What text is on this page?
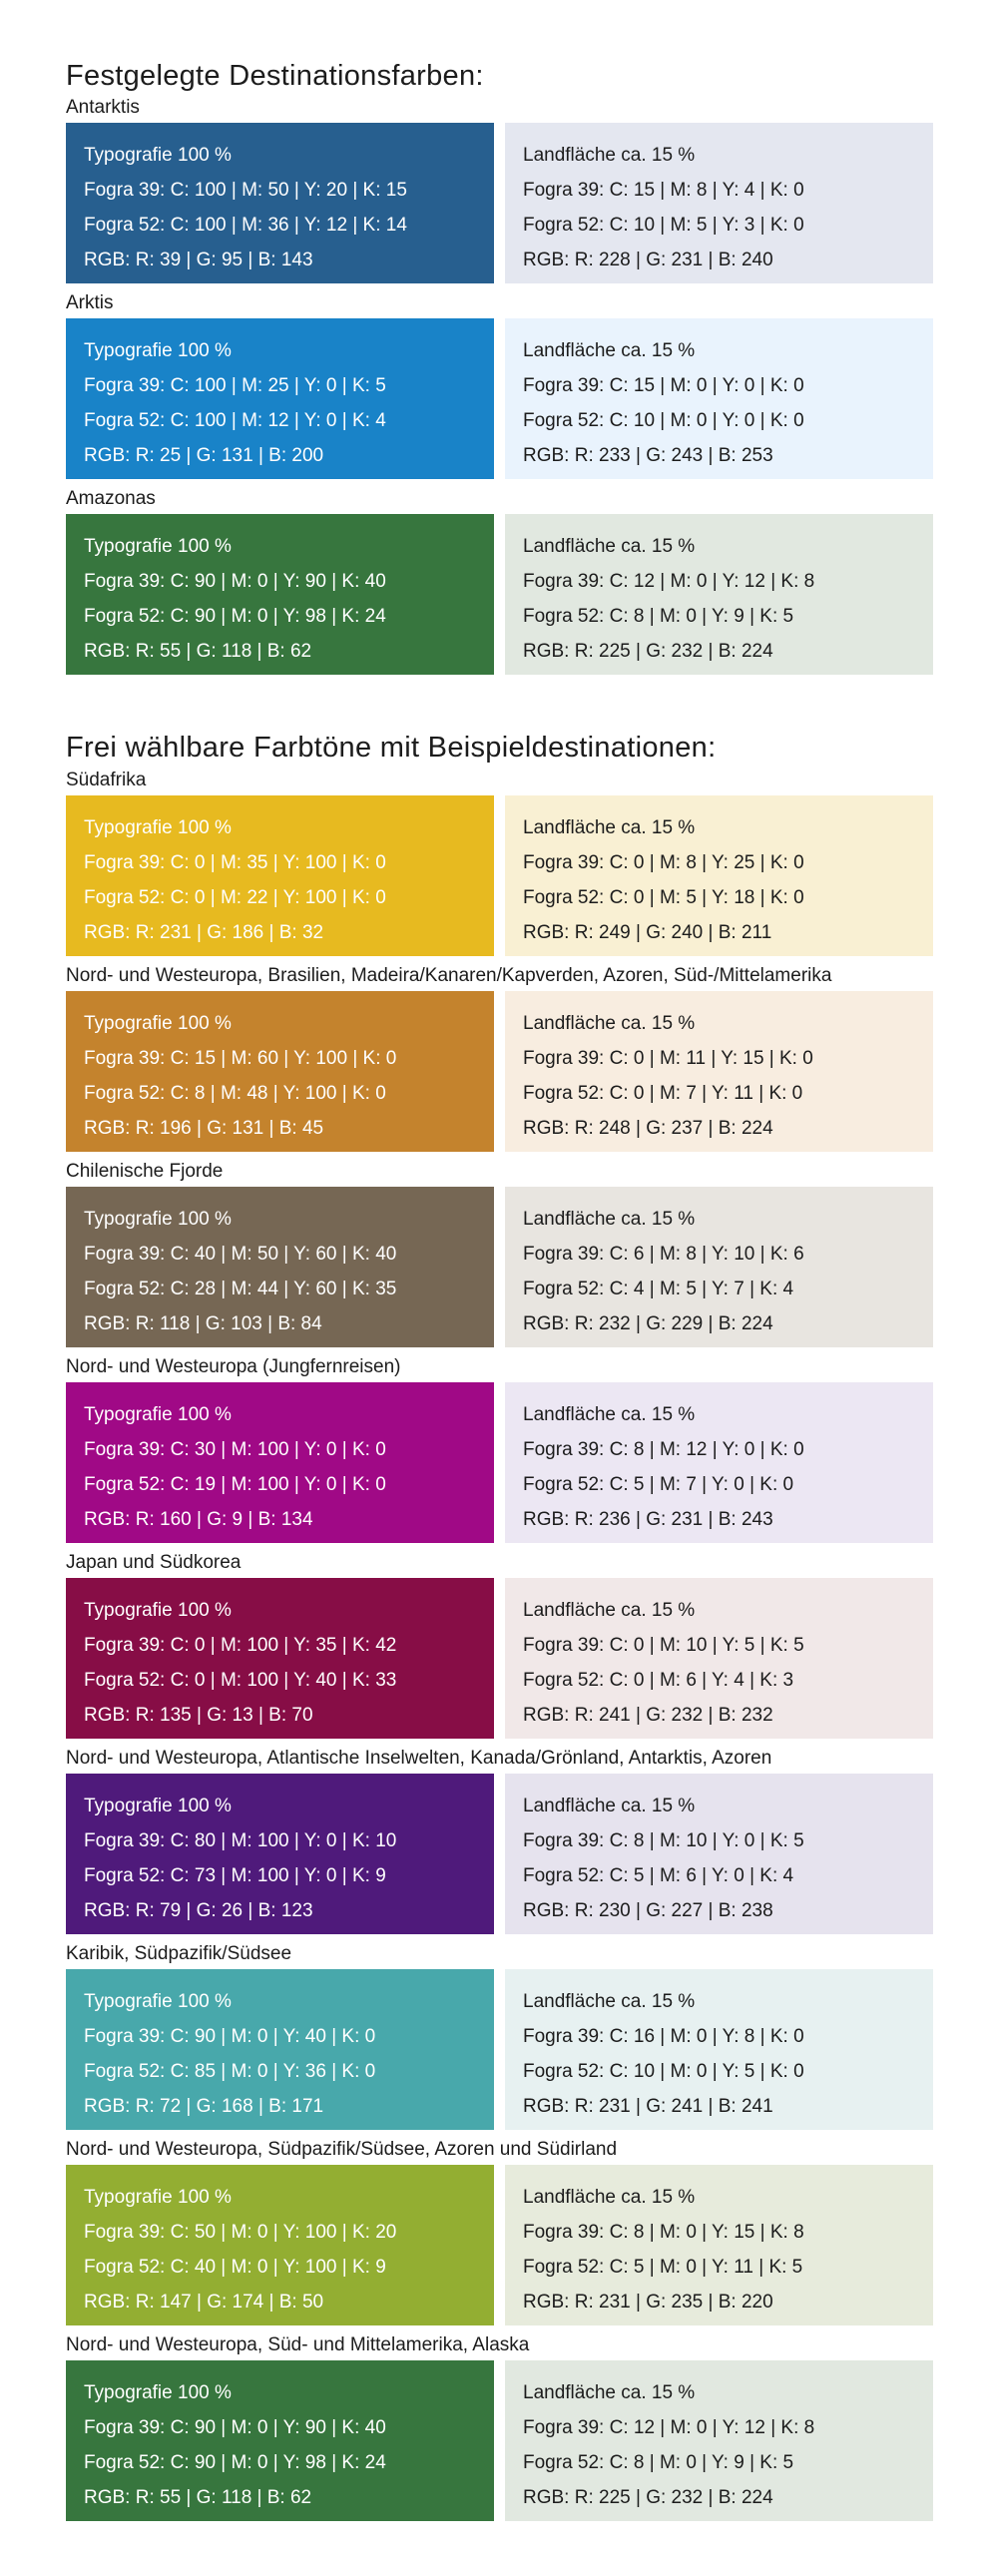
Festgelegte Destinationsfarben:

Antarktis

Typografie 100 %
Fogra 39: C: 100 | M: 50 | Y: 20 | K: 15
Fogra 52: C: 100 | M: 36 | Y: 12 | K: 14
RGB: R: 39 | G: 95 | B: 143
Landfläche ca. 15 %
Fogra 39: C: 15 | M: 8 | Y: 4 | K: 0
Fogra 52: C: 10 | M: 5 | Y: 3 | K: 0
RGB: R: 228 | G: 231 | B: 240

Arktis

Typografie 100 %
Fogra 39: C: 100 | M: 25 | Y: 0 | K: 5
Fogra 52: C: 100 | M: 12 | Y: 0 | K: 4
RGB: R: 25 | G: 131 | B: 200
Landfläche ca. 15 %
Fogra 39: C: 15 | M: 0 | Y: 0 | K: 0
Fogra 52: C: 10 | M: 0 | Y: 0 | K: 0
RGB: R: 233 | G: 243 | B: 253

Amazonas

Typografie 100 %
Fogra 39: C: 90 | M: 0 | Y: 90 | K: 40
Fogra 52: C: 90 | M: 0 | Y: 98 | K: 24
RGB: R: 55 | G: 118 | B: 62
Landfläche ca. 15 %
Fogra 39: C: 12 | M: 0 | Y: 12 | K: 8
Fogra 52: C: 8 | M: 0 | Y: 9 | K: 5
RGB: R: 225 | G: 232 | B: 224
Frei wählbare Farbtöne mit Beispieldestinationen:

Südafrika

Typografie 100 %
Fogra 39: C: 0 | M: 35 | Y: 100 | K: 0
Fogra 52: C: 0 | M: 22 | Y: 100 | K: 0
RGB: R: 231 | G: 186 | B: 32
Landfläche ca. 15 %
Fogra 39: C: 0 | M: 8 | Y: 25 | K: 0
Fogra 52: C: 0 | M: 5 | Y: 18 | K: 0
RGB: R: 249 | G: 240 | B: 211

Nord- und Westeuropa, Brasilien, Madeira/Kanaren/Kapverden, Azoren, Süd-/Mittelamerika

Typografie 100 %
Fogra 39: C: 15 | M: 60 | Y: 100 | K: 0
Fogra 52: C: 8 | M: 48 | Y: 100 | K: 0
RGB: R: 196 | G: 131 | B: 45
Landfläche ca. 15 %
Fogra 39: C: 0 | M: 11 | Y: 15 | K: 0
Fogra 52: C: 0 | M: 7 | Y: 11 | K: 0
RGB: R: 248 | G: 237 | B: 224

Chilenische Fjorde

Typografie 100 %
Fogra 39: C: 40 | M: 50 | Y: 60 | K: 40
Fogra 52: C: 28 | M: 44 | Y: 60 | K: 35
RGB: R: 118 | G: 103 | B: 84
Landfläche ca. 15 %
Fogra 39: C: 6 | M: 8 | Y: 10 | K: 6
Fogra 52: C: 4 | M: 5 | Y: 7 | K: 4
RGB: R: 232 | G: 229 | B: 224

Nord- und Westeuropa (Jungfernreisen)

Typografie 100 %
Fogra 39: C: 30 | M: 100 | Y: 0 | K: 0
Fogra 52: C: 19 | M: 100 | Y: 0 | K: 0
RGB: R: 160 | G: 9 | B: 134
Landfläche ca. 15 %
Fogra 39: C: 8 | M: 12 | Y: 0 | K: 0
Fogra 52: C: 5 | M: 7 | Y: 0 | K: 0
RGB: R: 236 | G: 231 | B: 243

Japan und Südkorea

Typografie 100 %
Fogra 39: C: 0 | M: 100 | Y: 35 | K: 42
Fogra 52: C: 0 | M: 100 | Y: 40 | K: 33
RGB: R: 135 | G: 13 | B: 70
Landfläche ca. 15 %
Fogra 39: C: 0 | M: 10 | Y: 5 | K: 5
Fogra 52: C: 0 | M: 6 | Y: 4 | K: 3
RGB: R: 241 | G: 232 | B: 232

Nord- und Westeuropa, Atlantische Inselwelten, Kanada/Grönland, Antarktis, Azoren

Typografie 100 %
Fogra 39: C: 80 | M: 100 | Y: 0 | K: 10
Fogra 52: C: 73 | M: 100 | Y: 0 | K: 9
RGB: R: 79 | G: 26 | B: 123
Landfläche ca. 15 %
Fogra 39: C: 8 | M: 10 | Y: 0 | K: 5
Fogra 52: C: 5 | M: 6 | Y: 0 | K: 4
RGB: R: 230 | G: 227 | B: 238

Karibik, Südpazifik/Südsee

Typografie 100 %
Fogra 39: C: 90 | M: 0 | Y: 40 | K: 0
Fogra 52: C: 85 | M: 0 | Y: 36 | K: 0
RGB: R: 72 | G: 168 | B: 171
Landfläche ca. 15 %
Fogra 39: C: 16 | M: 0 | Y: 8 | K: 0
Fogra 52: C: 10 | M: 0 | Y: 5 | K: 0
RGB: R: 231 | G: 241 | B: 241

Nord- und Westeuropa, Südpazifik/Südsee, Azoren und Südirland

Typografie 100 %
Fogra 39: C: 50 | M: 0 | Y: 100 | K: 20
Fogra 52: C: 40 | M: 0 | Y: 100 | K: 9
RGB: R: 147 | G: 174 | B: 50
Landfläche ca. 15 %
Fogra 39: C: 8 | M: 0 | Y: 15 | K: 8
Fogra 52: C: 5 | M: 0 | Y: 11 | K: 5
RGB: R: 231 | G: 235 | B: 220

Nord- und Westeuropa, Süd- und Mittelamerika, Alaska

Typografie 100 %
Fogra 39: C: 90 | M: 0 | Y: 90 | K: 40
Fogra 52: C: 90 | M: 0 | Y: 98 | K: 24
RGB: R: 55 | G: 118 | B: 62
Landfläche ca. 15 %
Fogra 39: C: 12 | M: 0 | Y: 12 | K: 8
Fogra 52: C: 8 | M: 0 | Y: 9 | K: 5
RGB: R: 225 | G: 232 | B: 224
